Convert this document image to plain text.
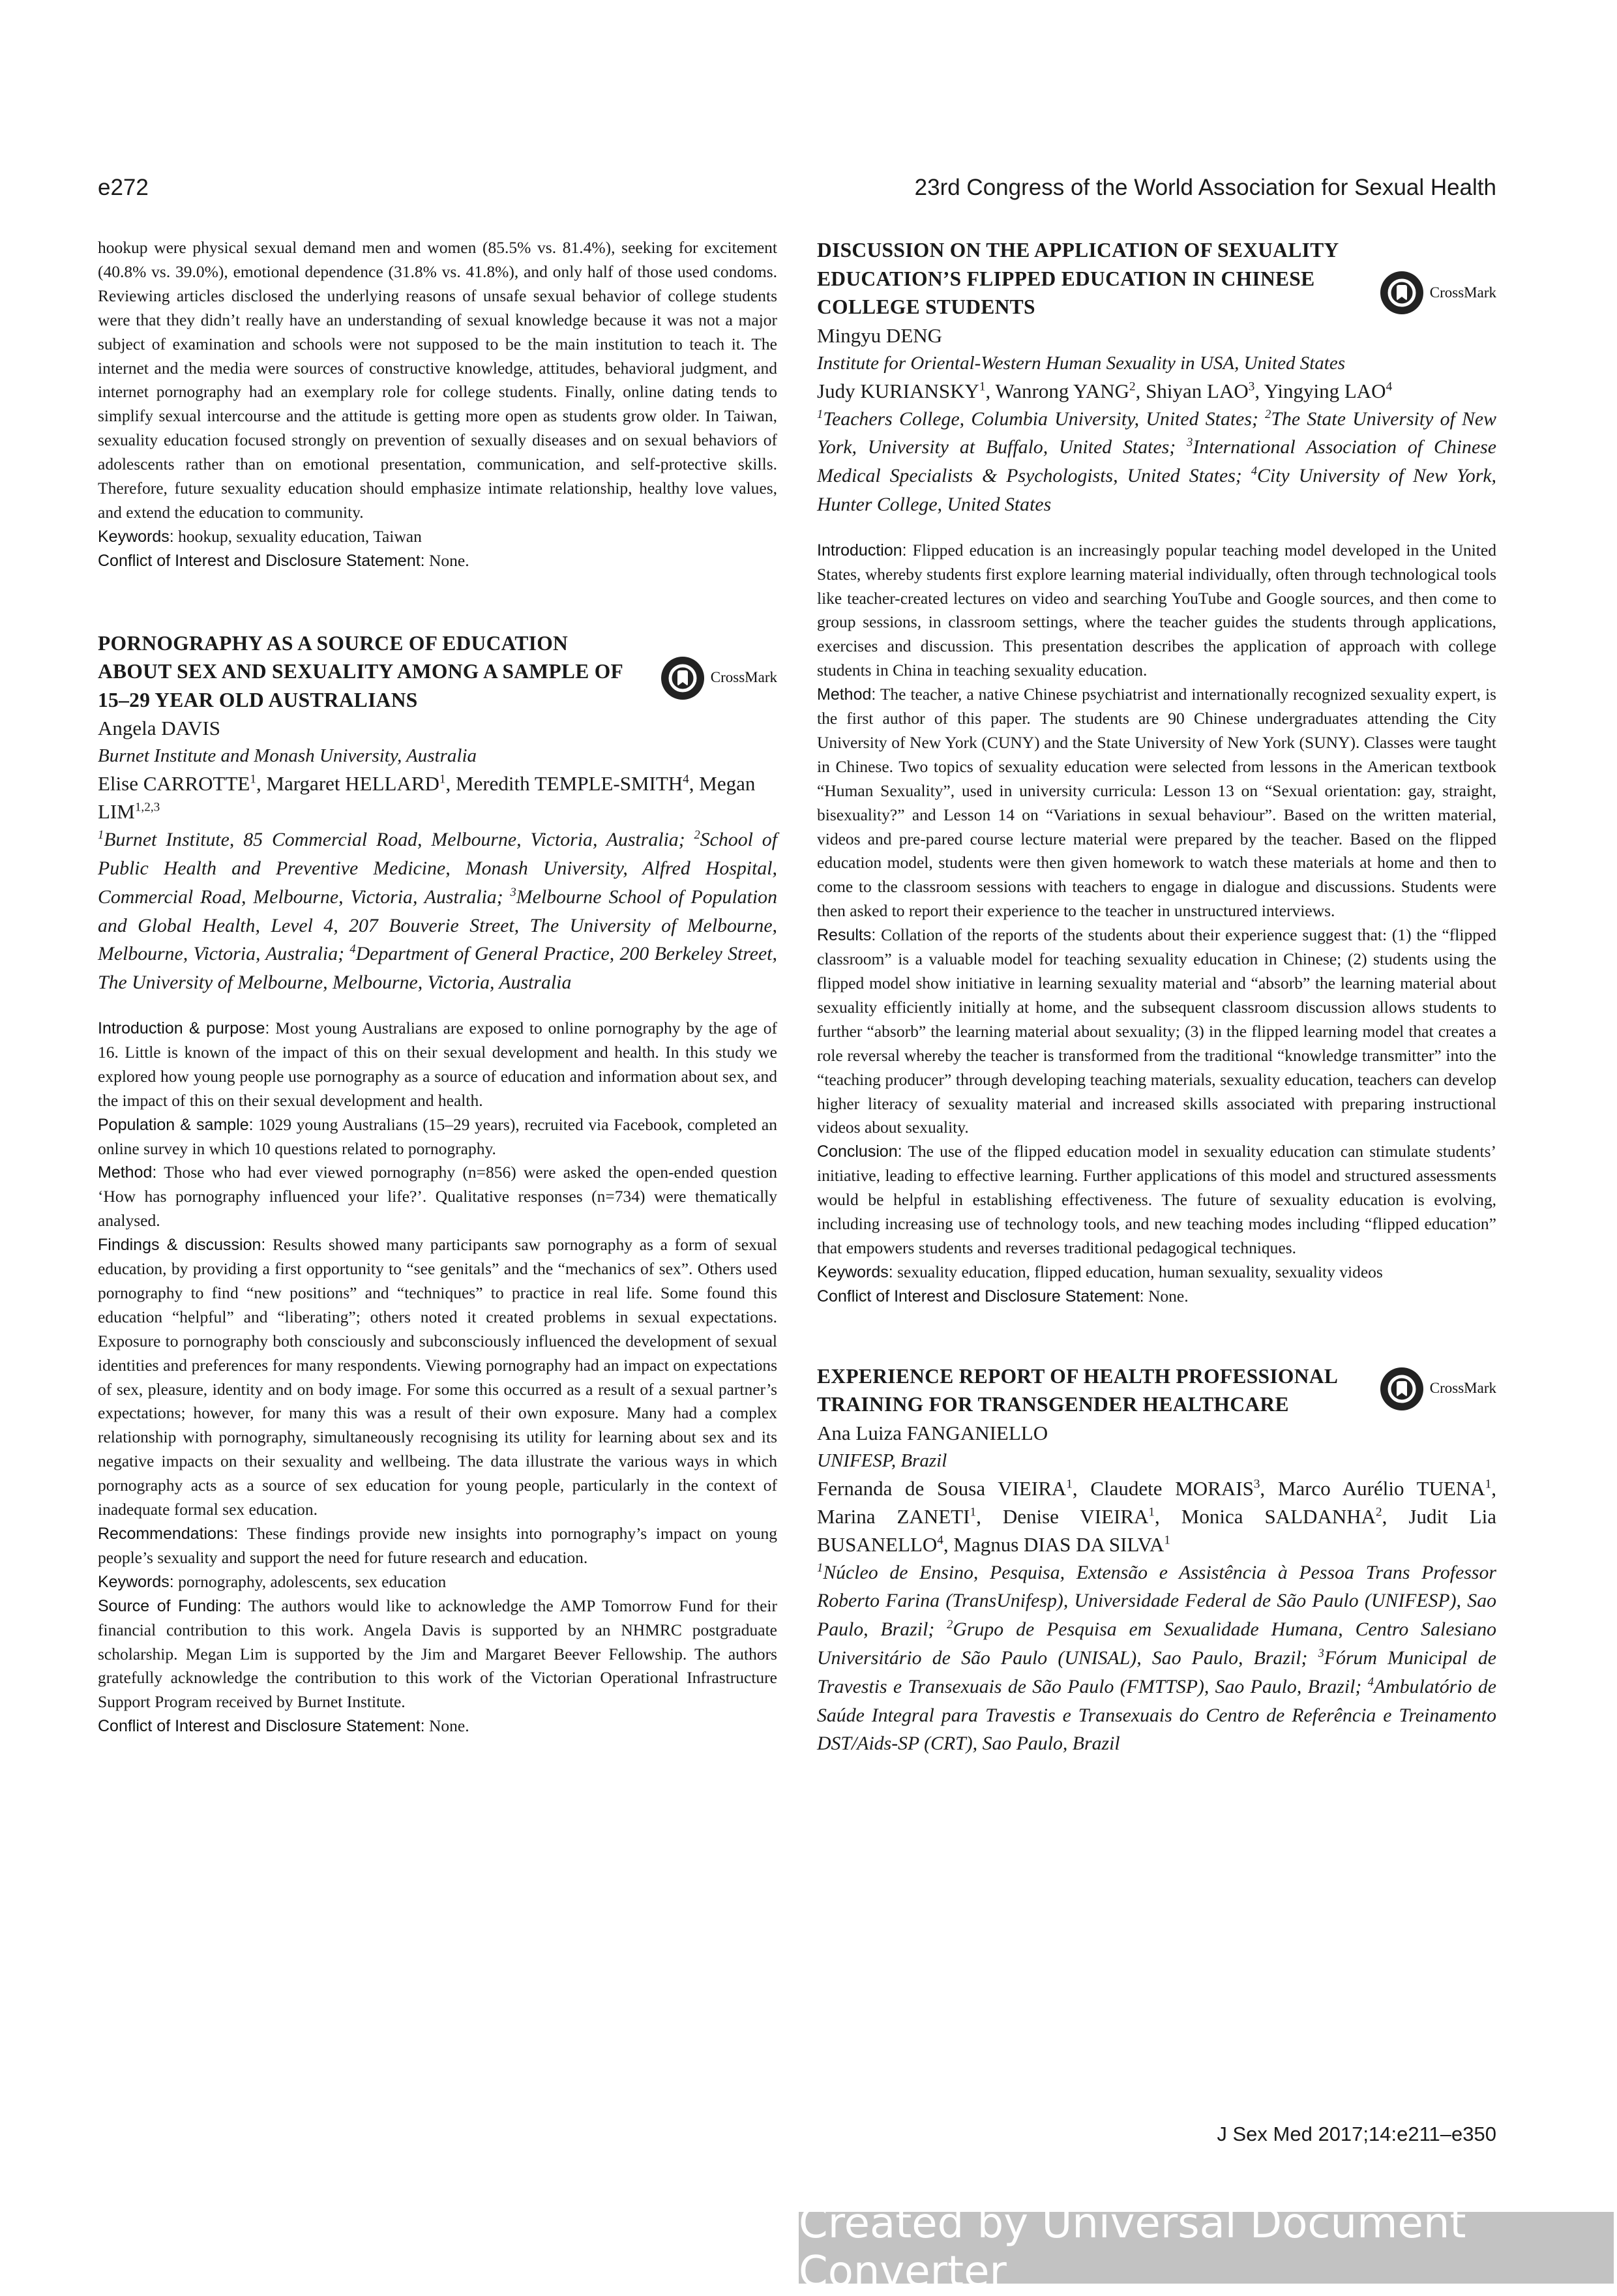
e272	23rd Congress of the World Association for Sexual Health

hookup were physical sexual demand men and women (85.5% vs. 81.4%), seeking for excitement (40.8% vs. 39.0%), emotional dependence (31.8% vs. 41.8%), and only half of those used condoms. Reviewing articles disclosed the underlying reasons of unsafe sexual behavior of college students were that they didn’t really have an understanding of sexual knowledge because it was not a major subject of examination and schools were not supposed to be the main institution to teach it. The internet and the media were sources of constructive knowledge, attitudes, behavioral judgment, and internet pornography had an exemplary role for college students. Finally, online dating tends to simplify sexual intercourse and the attitude is getting more open as students grow older. In Taiwan, sexuality education focused strongly on prevention of sexually diseases and on sexual behaviors of adolescents rather than on emotional presentation, communication, and self-protective skills. Therefore, future sexuality education should emphasize intimate relationship, healthy love values, and extend the education to community.

Keywords: hookup, sexuality education, Taiwan

Conflict of Interest and Disclosure Statement: None.

PORNOGRAPHY AS A SOURCE OF EDUCATION ABOUT SEX AND SEXUALITY AMONG A SAMPLE OF 15–29 YEAR OLD AUSTRALIANS
CrossMark

Angela DAVIS

Burnet Institute and Monash University, Australia

Elise CARROTTE$^1$, Margaret HELLARD$^1$, Meredith TEMPLE-SMITH$^4$, Megan LIM$^{1,2,3}$

$^1$Burnet Institute, 85 Commercial Road, Melbourne, Victoria, Australia; $^2$School of Public Health and Preventive Medicine, Monash University, Alfred Hospital, Commercial Road, Melbourne, Victoria, Australia; $^3$Melbourne School of Population and Global Health, Level 4, 207 Bouverie Street, The University of Melbourne, Melbourne, Victoria, Australia; $^4$Department of General Practice, 200 Berkeley Street, The University of Melbourne, Melbourne, Victoria, Australia

Introduction & purpose: Most young Australians are exposed to online pornography by the age of 16. Little is known of the impact of this on their sexual development and health. In this study we explored how young people use pornography as a source of education and information about sex, and the impact of this on their sexual development and health.

Population & sample: 1029 young Australians (15–29 years), recruited via Facebook, completed an online survey in which 10 questions related to pornography.

Method: Those who had ever viewed pornography (n=856) were asked the open-ended question ‘How has pornography influenced your life?’. Qualitative responses (n=734) were thematically analysed.

Findings & discussion: Results showed many participants saw pornography as a form of sexual education, by providing a first opportunity to “see genitals” and the “mechanics of sex”. Others used pornography to find “new positions” and “techniques” to practice in real life. Some found this education “helpful” and “liberating”; others noted it created problems in sexual expectations. Exposure to pornography both consciously and subconsciously influenced the development of sexual identities and preferences for many respondents. Viewing pornography had an impact on expectations of sex, pleasure, identity and on body image. For some this occurred as a result of a sexual partner’s expectations; however, for many this was a result of their own exposure. Many had a complex relationship with pornography, simultaneously recognising its utility for learning about sex and its negative impacts on their sexuality and wellbeing. The data illustrate the various ways in which pornography acts as a source of sex education for young people, particularly in the context of inadequate formal sex education.

Recommendations: These findings provide new insights into pornography’s impact on young people’s sexuality and support the need for future research and education.

Keywords: pornography, adolescents, sex education

Source of Funding: The authors would like to acknowledge the AMP Tomorrow Fund for their financial contribution to this work. Angela Davis is supported by an NHMRC postgraduate scholarship. Megan Lim is supported by the Jim and Margaret Beever Fellowship. The authors gratefully acknowledge the contribution to this work of the Victorian Operational Infrastructure Support Program received by Burnet Institute.

Conflict of Interest and Disclosure Statement: None.

DISCUSSION ON THE APPLICATION OF SEXUALITY EDUCATION’S FLIPPED EDUCATION IN CHINESE COLLEGE STUDENTS
CrossMark

Mingyu DENG

Institute for Oriental-Western Human Sexuality in USA, United States

Judy KURIANSKY$^1$, Wanrong YANG$^2$, Shiyan LAO$^3$, Yingying LAO$^4$

$^1$Teachers College, Columbia University, United States; $^2$The State University of New York, University at Buffalo, United States; $^3$International Association of Chinese Medical Specialists & Psychologists, United States; $^4$City University of New York, Hunter College, United States

Introduction: Flipped education is an increasingly popular teaching model developed in the United States, whereby students first explore learning material individually, often through technological tools like teacher-created lectures on video and searching YouTube and Google sources, and then come to group sessions, in classroom settings, where the teacher guides the students through applications, exercises and discussion. This presentation describes the application of approach with college students in China in teaching sexuality education.

Method: The teacher, a native Chinese psychiatrist and internationally recognized sexuality expert, is the first author of this paper. The students are 90 Chinese undergraduates attending the City University of New York (CUNY) and the State University of New York (SUNY). Classes were taught in Chinese. Two topics of sexuality education were selected from lessons in the American textbook “Human Sexuality”, used in university curricula: Lesson 13 on “Sexual orientation: gay, straight, bisexuality?” and Lesson 14 on “Variations in sexual behaviour”. Based on the written material, videos and pre-pared course lecture material were prepared by the teacher. Based on the flipped education model, students were then given homework to watch these materials at home and then to come to the classroom sessions with teachers to engage in dialogue and discussions. Students were then asked to report their experience to the teacher in unstructured interviews.

Results: Collation of the reports of the students about their experience suggest that: (1) the “flipped classroom” is a valuable model for teaching sexuality education in Chinese; (2) students using the flipped model show initiative in learning sexuality material and “absorb” the learning material about sexuality efficiently initially at home, and the subsequent classroom discussion allows students to further “absorb” the learning material about sexuality; (3) in the flipped learning model that creates a role reversal whereby the teacher is transformed from the traditional “knowledge transmitter” into the “teaching producer” through developing teaching materials, sexuality education, teachers can develop higher literacy of sexuality material and increased skills associated with preparing instructional videos about sexuality.

Conclusion: The use of the flipped education model in sexuality education can stimulate students’ initiative, leading to effective learning. Further applications of this model and structured assessments would be helpful in establishing effectiveness. The future of sexuality education is evolving, including increasing use of technology tools, and new teaching modes including “flipped education” that empowers students and reverses traditional pedagogical techniques.

Keywords: sexuality education, flipped education, human sexuality, sexuality videos

Conflict of Interest and Disclosure Statement: None.

EXPERIENCE REPORT OF HEALTH PROFESSIONAL TRAINING FOR TRANSGENDER HEALTHCARE
CrossMark

Ana Luiza FANGANIELLO

UNIFESP, Brazil

Fernanda de Sousa VIEIRA$^1$, Claudete MORAIS$^3$, Marco Aurélio TUENA$^1$, Marina ZANETI$^1$, Denise VIEIRA$^1$, Monica SALDANHA$^2$, Judit Lia BUSANELLO$^4$, Magnus DIAS DA SILVA$^1$

$^1$Núcleo de Ensino, Pesquisa, Extensão e Assistência à Pessoa Trans Professor Roberto Farina (TransUnifesp), Universidade Federal de São Paulo (UNIFESP), Sao Paulo, Brazil; $^2$Grupo de Pesquisa em Sexualidade Humana, Centro Salesiano Universitário de São Paulo (UNISAL), Sao Paulo, Brazil; $^3$Fórum Municipal de Travestis e Transexuais de São Paulo (FMTTSP), Sao Paulo, Brazil; $^4$Ambulatório de Saúde Integral para Travestis e Transexuais do Centro de Referência e Treinamento DST/Aids-SP (CRT), Sao Paulo, Brazil

J Sex Med 2017;14:e211–e350
Created by Universal Document Converter
